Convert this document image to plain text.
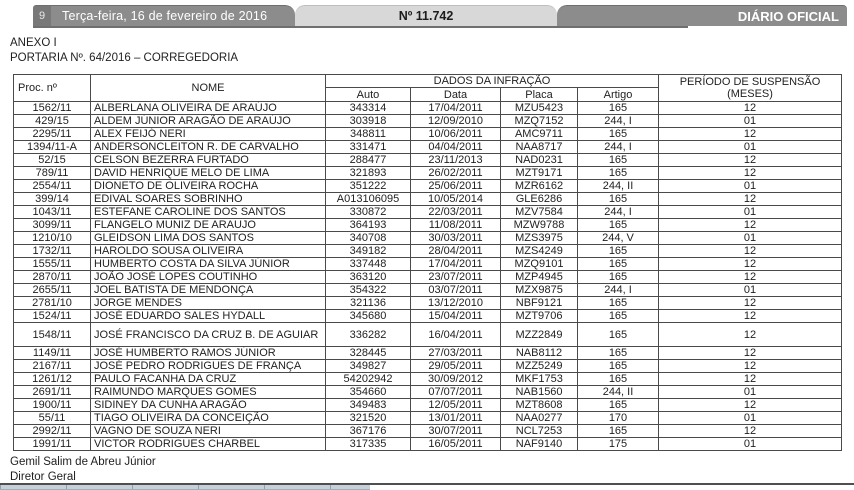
9	Terça-feira, 16 de fevereiro de 2016	Nº 11.742	DIÁRIO OFICIAL
ANEXO I
PORTARIA Nº. 64/2016 – CORREGEDORIA
Proc. nº	NOME	DADOS DA INFRAÇÃO				PERÍODO DE SUSPENSÃO (MESES)
		Auto	Data	Placa	Artigo	
1562/11	ALBERLANA OLIVEIRA DE ARAÚJO	343314	17/04/2011	MZU5423	165	12
429/15	ALDEM JÚNIOR ARAGÃO DE ARAÚJO	303918	12/09/2010	MZQ7152	244, I	01
2295/11	ALEX FEIJÓ NERI	348811	10/06/2011	AMC9711	165	12
1394/11-A	ANDERSONCLEITON R. DE CARVALHO	331471	04/04/2011	NAA8717	244, I	01
52/15	CELSON BEZERRA FURTADO	288477	23/11/2013	NAD0231	165	12
789/11	DAVID HENRIQUE MELO DE LIMA	321893	26/02/2011	MZT9171	165	12
2554/11	DIONETO DE OLIVEIRA ROCHA	351222	25/06/2011	MZR6162	244, II	01
399/14	EDIVAL SOARES SOBRINHO	A013106095	10/05/2014	GLE6286	165	12
1043/11	ESTEFANE CAROLINE DOS SANTOS	330872	22/03/2011	MZV7584	244, I	01
3099/11	FLANGELO MUNIZ DE ARAUJO	364193	11/08/2011	MZW9788	165	12
1210/10	GLEIDSON LIMA DOS SANTOS	340708	30/03/2011	MZS3975	244, V	01
1732/11	HAROLDO SOUSA OLIVEIRA	349182	28/04/2011	MZS4249	165	12
1555/11	HUMBERTO COSTA DA SILVA JÚNIOR	337448	17/04/2011	MZQ9101	165	12
2870/11	JOÃO JOSÉ LOPES COUTINHO	363120	23/07/2011	MZP4945	165	12
2655/11	JOEL BATISTA DE MENDONÇA	354322	03/07/2011	MZX9875	244, I	01
2781/10	JORGE MENDES	321136	13/12/2010	NBF9121	165	12
1524/11	JOSÉ EDUARDO SALES HYDALL	345680	15/04/2011	MZT9706	165	12
1548/11	JOSÉ FRANCISCO DA CRUZ B. DE AGUIAR	336282	16/04/2011	MZZ2849	165	12
1149/11	JOSÉ HUMBERTO RAMOS JÚNIOR	328445	27/03/2011	NAB8112	165	12
2167/11	JOSÉ PEDRO RODRIGUES DE FRANÇA	349827	29/05/2011	MZZ5249	165	12
1261/12	PAULO FACANHA DA CRUZ	54202942	30/09/2012	MKF1753	165	12
2691/11	RAIMUNDO MARQUES GOMES	354660	07/07/2011	NAB1560	244, II	01
1900/11	SIDINEY DA CUNHA ARAGÃO	349483	12/05/2011	MZT8608	165	12
55/11	TIAGO OLIVEIRA DA CONCEIÇÃO	321520	13/01/2011	NAA0277	170	01
2992/11	VAGNO DE SOUZA NERI	367176	30/07/2011	NCL7253	165	12
1991/11	VICTOR RODRIGUES CHARBEL	317335	16/05/2011	NAF9140	175	01
Gemil Salim de Abreu Júnior
Diretor Geral
